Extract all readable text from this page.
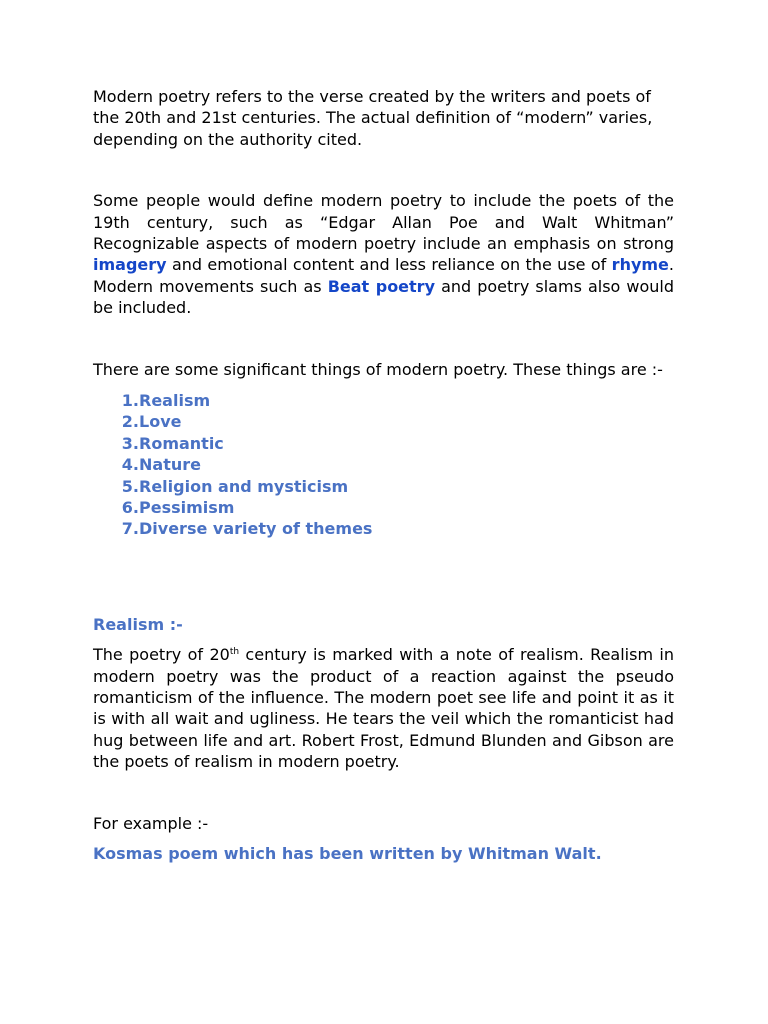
Modern poetry refers to the verse created by the writers and poets of the 20th and 21st centuries. The actual definition of “modern” varies, depending on the authority cited.

Some people would define modern poetry to include the poets of the 19th century, such as “Edgar Allan Poe and Walt Whitman” Recognizable aspects of modern poetry include an emphasis on strong imagery and emotional content and less reliance on the use of rhyme. Modern movements such as Beat poetry and poetry slams also would be included.

There are some significant things of modern poetry. These things are :-

1. Realism
2. Love
3. Romantic
4. Nature
5. Religion and mysticism
6. Pessimism
7. Diverse variety of themes

Realism :-

The poetry of 20th century is marked with a note of realism. Realism in modern poetry was the product of a reaction against the pseudo romanticism of the influence. The modern poet see life and point it as it is with all wait and ugliness. He tears the veil which the romanticist had hug between life and art. Robert Frost, Edmund Blunden and Gibson are the poets of realism in modern poetry.

For example :-

Kosmas poem which has been written by Whitman Walt.
